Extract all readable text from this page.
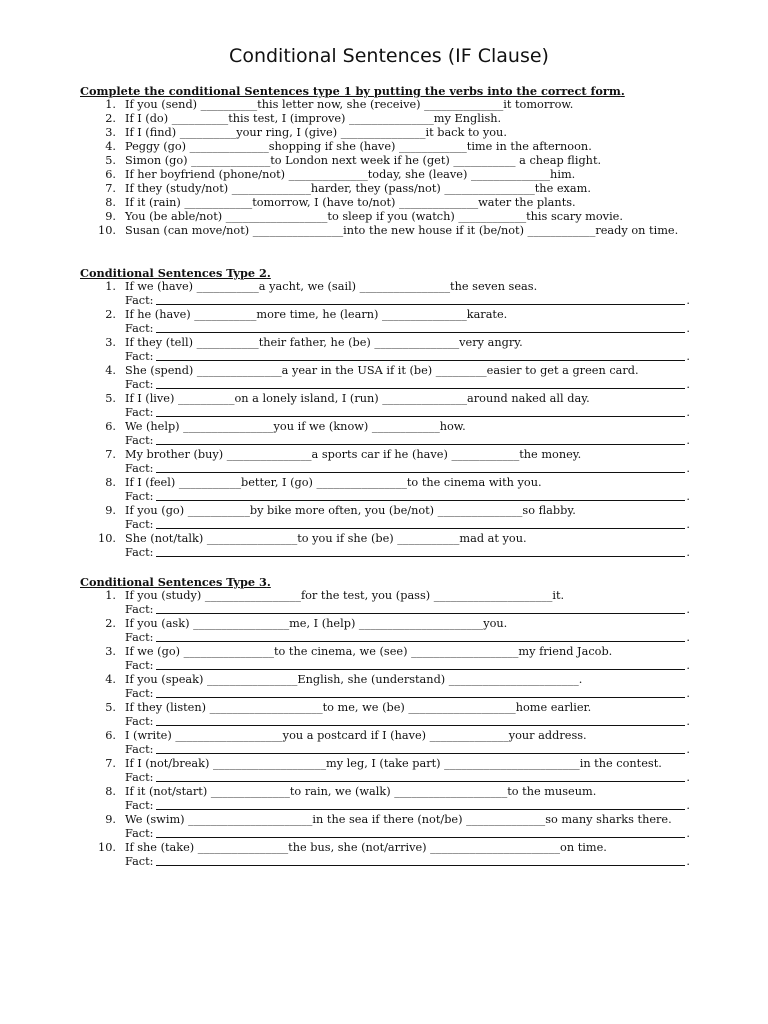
Conditional Sentences (IF Clause)
Complete the conditional Sentences type 1 by putting the verbs into the correct form.
1. If you (send) __________this letter now, she (receive) ______________it tomorrow.
2. If I (do) __________this test, I (improve) _______________my English.
3. If I (find) __________your ring, I (give) _______________it back to you.
4. Peggy (go) ______________shopping if she (have) ____________time in the afternoon.
5. Simon (go) ______________to London next week if he (get) ___________ a cheap flight.
6. If her boyfriend (phone/not) ______________today, she (leave) ______________him.
7. If they (study/not) ______________harder, they (pass/not) ________________the exam.
8. If it (rain) ____________tomorrow, I (have to/not) ______________water the plants.
9. You (be able/not) __________________to sleep if you (watch) ____________this scary movie.
10. Susan (can move/not) ________________into the new house if it (be/not) ____________ready on time.
Conditional Sentences Type 2.
1. If we (have) ___________a yacht, we (sail) ________________the seven seas.
Fact:	.
2. If he (have) ___________more time, he (learn) _______________karate.
Fact:	.
3. If they (tell) ___________their father, he (be) _______________very angry.
Fact:	.
4. She (spend) _______________a year in the USA if it (be) _________easier to get a green card.
Fact:	.
5. If I (live) __________on a lonely island, I (run) _______________around naked all day.
Fact:	.
6. We (help) ________________you if we (know) ____________how.
Fact:	.
7. My brother (buy) _______________a sports car if he (have) ____________the money.
Fact:	.
8. If I (feel) ___________better, I (go) ________________to the cinema with you.
Fact:	.
9. If you (go) ___________by bike more often, you (be/not) _______________so flabby.
Fact:	.
10. She (not/talk) ________________to you if she (be) ___________mad at you.
Fact:	.
Conditional Sentences Type 3.
1. If you (study) _________________for the test, you (pass) _____________________it.
Fact:	.
2. If you (ask) _________________me, I (help) ______________________you.
Fact:	.
3. If we (go) ________________to the cinema, we (see) ___________________my friend Jacob.
Fact:	.
4. If you (speak) ________________English, she (understand) _______________________.
Fact:	.
5. If they (listen) ____________________to me, we (be) ___________________home earlier.
Fact:	.
6. I (write) ___________________you a postcard if I (have) ______________your address.
Fact:	.
7. If I (not/break) ____________________my leg, I (take part) ________________________in the contest.
Fact:	.
8. If it (not/start) ______________to rain, we (walk) ____________________to the museum.
Fact:	.
9. We (swim) ______________________in the sea if there (not/be) ______________so many sharks there.
Fact:	.
10. If she (take) ________________the bus, she (not/arrive) _______________________on time.
Fact:	.
